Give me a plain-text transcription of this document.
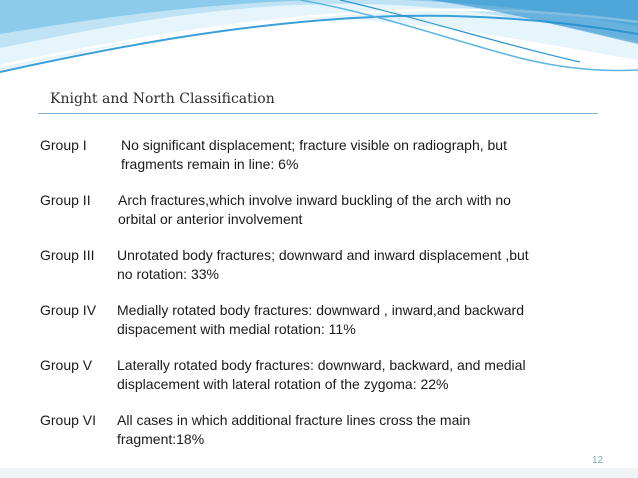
Knight and North Classification
Group I No significant displacement; fracture visible on radiograph, but
fragments remain in line: 6%
Group II Arch fractures,which involve inward buckling of the arch with no
orbital or anterior involvement
Group III Unrotated body fractures; downward and inward displacement ,but
no rotation: 33%
Group IV Medially rotated body fractures: downward , inward,and backward
dispacement with medial rotation: 11%
Group V Laterally rotated body fractures: downward, backward, and medial
displacement with lateral rotation of the zygoma: 22%
Group VI All cases in which additional fracture lines cross the main
fragment:18%
12
